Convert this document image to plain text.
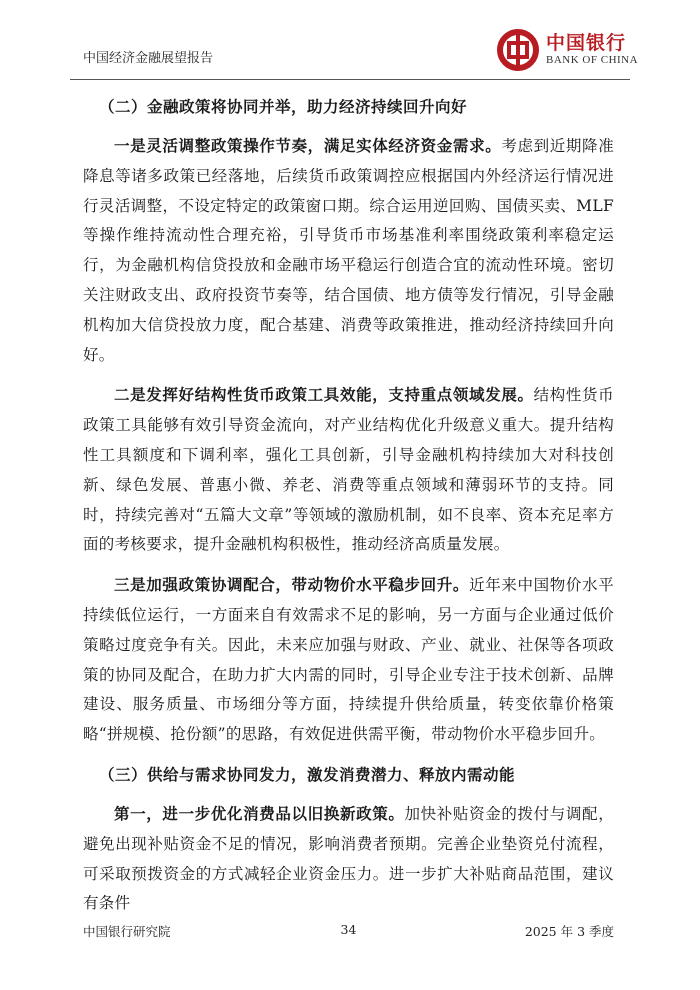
中国经济金融展望报告
中国银行
BANK OF CHINA
（二）金融政策将协同并举，助力经济持续回升向好

一是灵活调整政策操作节奏，满足实体经济资金需求。考虑到近期降准降息等诸多政策已经落地，后续货币政策调控应根据国内外经济运行情况进行灵活调整，不设定特定的政策窗口期。综合运用逆回购、国债买卖、MLF 等操作维持流动性合理充裕，引导货币市场基准利率围绕政策利率稳定运行，为金融机构信贷投放和金融市场平稳运行创造合宜的流动性环境。密切关注财政支出、政府投资节奏等，结合国债、地方债等发行情况，引导金融机构加大信贷投放力度，配合基建、消费等政策推进，推动经济持续回升向好。

二是发挥好结构性货币政策工具效能，支持重点领域发展。结构性货币政策工具能够有效引导资金流向，对产业结构优化升级意义重大。提升结构性工具额度和下调利率，强化工具创新，引导金融机构持续加大对科技创新、绿色发展、普惠小微、养老、消费等重点领域和薄弱环节的支持。同时，持续完善对“五篇大文章”等领域的激励机制，如不良率、资本充足率方面的考核要求，提升金融机构积极性，推动经济高质量发展。

三是加强政策协调配合，带动物价水平稳步回升。近年来中国物价水平持续低位运行，一方面来自有效需求不足的影响，另一方面与企业通过低价策略过度竞争有关。因此，未来应加强与财政、产业、就业、社保等各项政策的协同及配合，在助力扩大内需的同时，引导企业专注于技术创新、品牌建设、服务质量、市场细分等方面，持续提升供给质量，转变依靠价格策略“拼规模、抢份额”的思路，有效促进供需平衡，带动物价水平稳步回升。

（三）供给与需求协同发力，激发消费潜力、释放内需动能

第一，进一步优化消费品以旧换新政策。加快补贴资金的拨付与调配，避免出现补贴资金不足的情况，影响消费者预期。完善企业垫资兑付流程，可采取预拨资金的方式减轻企业资金压力。进一步扩大补贴商品范围，建议有条件

中国银行研究院	34	2025 年 3 季度
